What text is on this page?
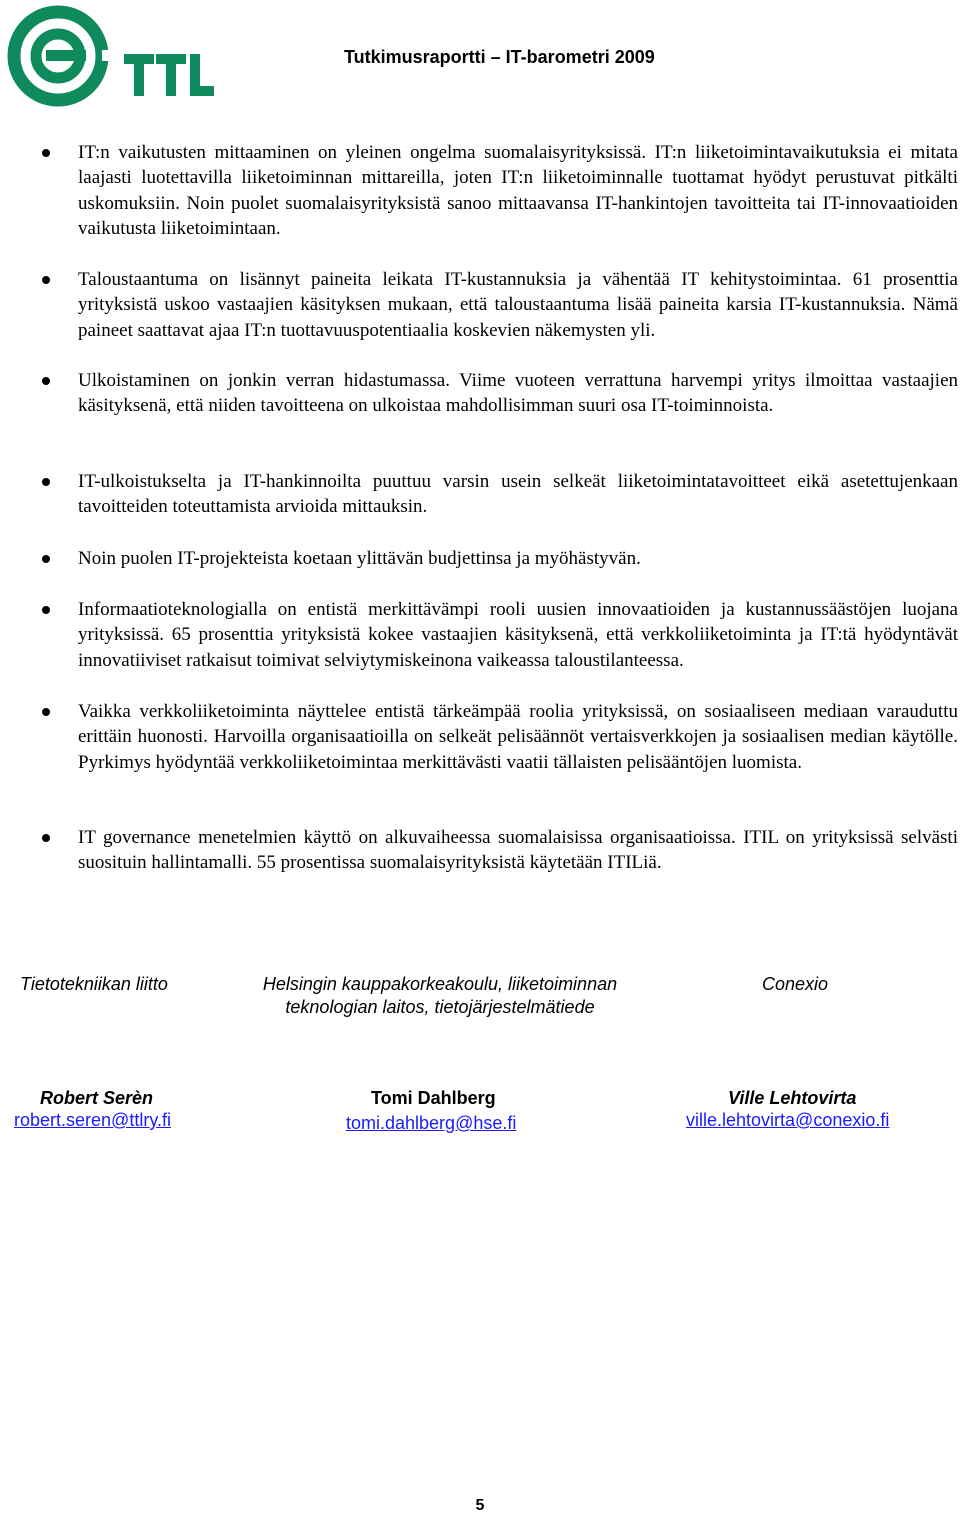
Tutkimusraportti – IT-barometri 2009
IT:n vaikutusten mittaaminen on yleinen ongelma suomalaisyrityksissä. IT:n liiketoimintavaikutuksia ei mitata laajasti luotettavilla liiketoiminnan mittareilla, joten IT:n liiketoiminnalle tuottamat hyödyt perustuvat pitkälti uskomuksiin. Noin puolet suomalaisyrityksistä sanoo mittaavansa IT-hankintojen tavoitteita tai IT-innovaatioiden vaikutusta liiketoimintaan.
Taloustaantuma on lisännyt paineita leikata IT-kustannuksia ja vähentää IT kehitystoimintaa. 61 prosenttia yrityksistä uskoo vastaajien käsityksen mukaan, että taloustaantuma lisää paineita karsia IT-kustannuksia. Nämä paineet saattavat ajaa IT:n tuottavuuspotentiaalia koskevien näkemysten yli.
Ulkoistaminen on jonkin verran hidastumassa. Viime vuoteen verrattuna harvempi yritys ilmoittaa vastaajien käsityksenä, että niiden tavoitteena on ulkoistaa mahdollisimman suuri osa IT-toiminnoista.
IT-ulkoistukselta ja IT-hankinnoilta puuttuu varsin usein selkeät liiketoimintatavoitteet eikä asetettujenkaan tavoitteiden toteuttamista arvioida mittauksin.
Noin puolen IT-projekteista koetaan ylittävän budjettinsa ja myöhästyvän.
Informaatioteknologialla on entistä merkittävämpi rooli uusien innovaatioiden ja kustannussäästöjen luojana yrityksissä. 65 prosenttia yrityksistä kokee vastaajien käsityksenä, että verkkoliiketoiminta ja IT:tä hyödyntävät innovatiiviset ratkaisut toimivat selviytymiskeinona vaikeassa taloustilanteessa.
Vaikka verkkoliiketoiminta näyttelee entistä tärkeämpää roolia yrityksissä, on sosiaaliseen mediaan varauduttu erittäin huonosti. Harvoilla organisaatioilla on selkeät pelisäännöt vertaisverkkojen ja sosiaalisen median käytölle. Pyrkimys hyödyntää verkkoliiketoimintaa merkittävästi vaatii tällaisten pelisääntöjen luomista.
IT governance menetelmien käyttö on alkuvaiheessa suomalaisissa organisaatioissa. ITIL on yrityksissä selvästi suosituin hallintamalli. 55 prosentissa suomalaisyrityksistä käytetään ITILiä.
Tietotekniikan liitto	Helsingin kauppakorkeakoulu, liiketoiminnan
teknologian laitos, tietojärjestelmätiede
Conexio
Robert Serèn
robert.seren@ttlry.fi
Tomi Dahlberg
tomi.dahlberg@hse.fi
Ville Lehtovirta
ville.lehtovirta@conexio.fi
5
